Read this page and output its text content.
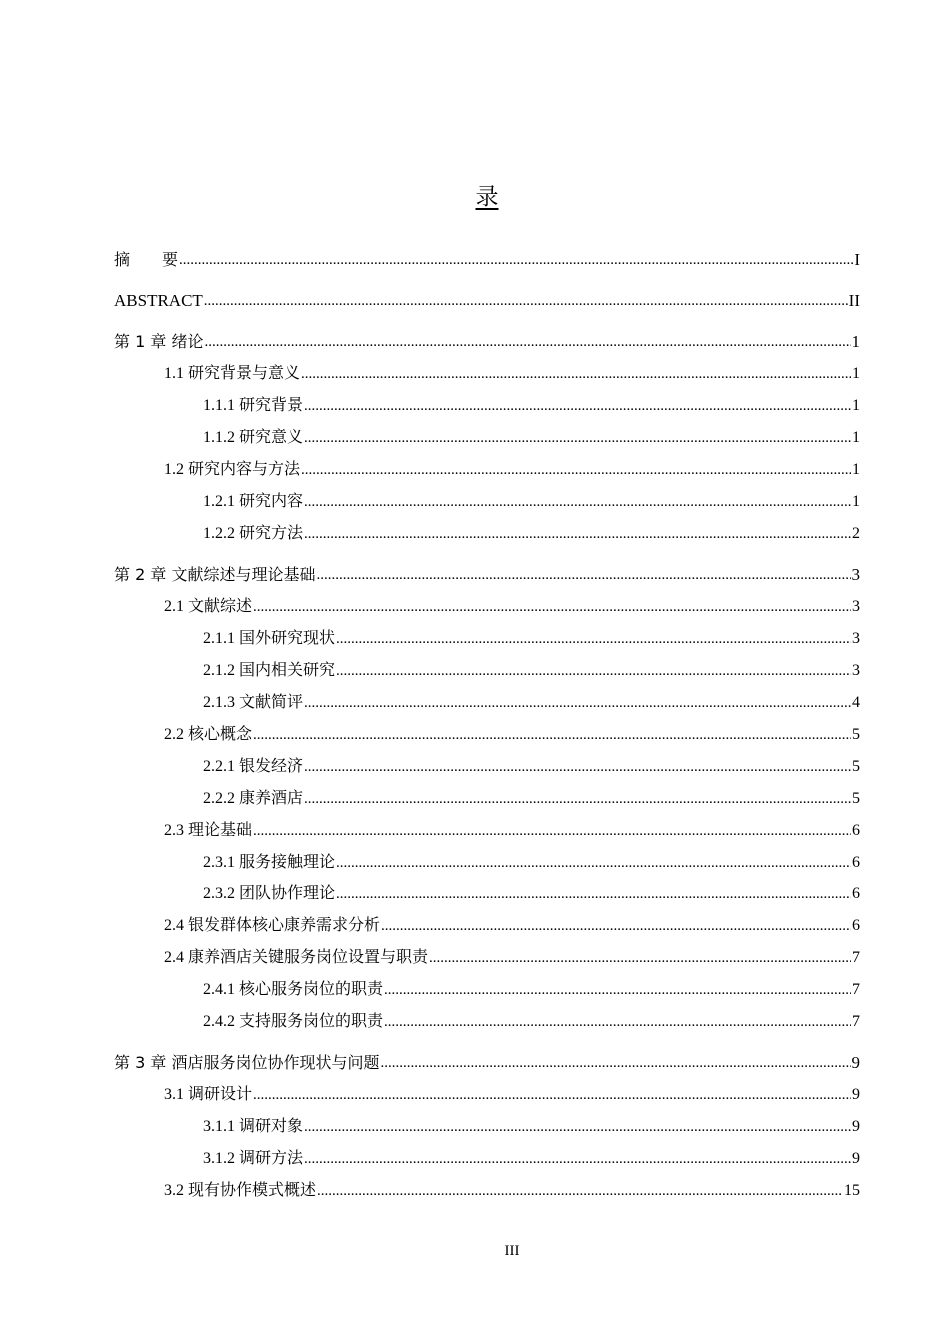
录
摘　　要 .....	I
ABSTRACT .....	II
第 1 章 绪论 .....	1
1.1 研究背景与意义 .....	1
1.1.1 研究背景 .....	1
1.1.2 研究意义 .....	1
1.2 研究内容与方法 .....	1
1.2.1 研究内容 .....	1
1.2.2 研究方法 .....	2
第 2 章 文献综述与理论基础 .....	3
2.1 文献综述 .....	3
2.1.1 国外研究现状 .....	3
2.1.2 国内相关研究 .....	3
2.1.3 文献简评 .....	4
2.2 核心概念 .....	5
2.2.1 银发经济 .....	5
2.2.2 康养酒店 .....	5
2.3 理论基础 .....	6
2.3.1 服务接触理论 .....	6
2.3.2 团队协作理论 .....	6
2.4 银发群体核心康养需求分析 .....	6
2.4 康养酒店关键服务岗位设置与职责 .....	7
2.4.1 核心服务岗位的职责 .....	7
2.4.2 支持服务岗位的职责 .....	7
第 3 章 酒店服务岗位协作现状与问题 .....	9
3.1 调研设计 .....	9
3.1.1 调研对象 .....	9
3.1.2 调研方法 .....	9
3.2 现有协作模式概述 .....	15
III
